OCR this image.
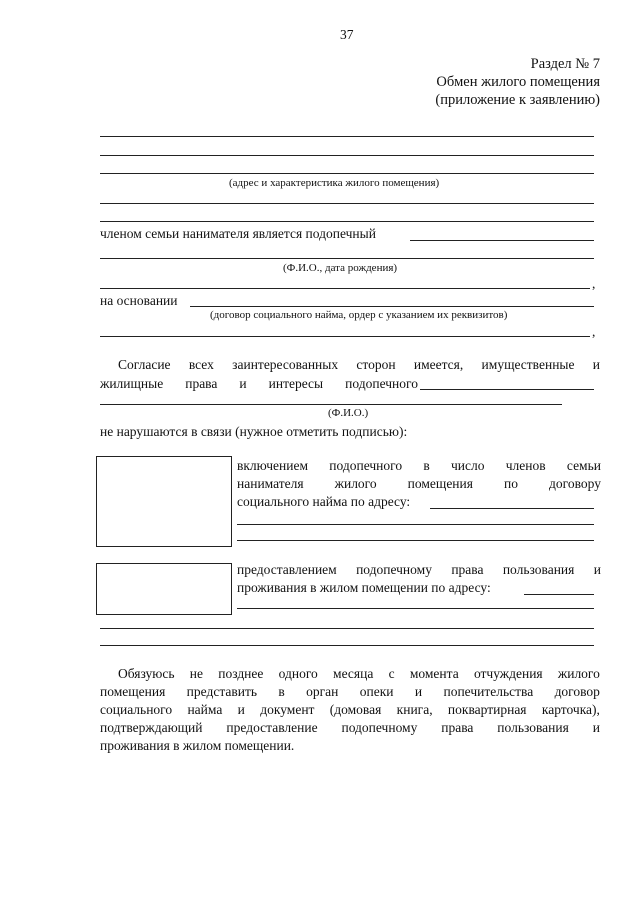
37
Раздел № 7
Обмен жилого помещения
(приложение к заявлению)
(адрес и характеристика жилого помещения)
членом семьи нанимателя является подопечный
(Ф.И.О., дата рождения)
,
на основании
(договор социального найма, ордер с указанием их реквизитов)
,
Согласие всех заинтересованных сторон имеется, имущественные и
жилищные права и интересы подопечного
(Ф.И.О.)
не нарушаются в связи (нужное отметить подписью):
включением подопечного в число членов семьи
нанимателя жилого помещения по договору
социального найма по адресу:
предоставлением подопечному права пользования и
проживания в жилом помещении по адресу:
Обязуюсь не позднее одного месяца с момента отчуждения жилого
помещения представить в орган опеки и попечительства договор
социального найма и документ (домовая книга, поквартирная карточка),
подтверждающий предоставление подопечному права пользования и
проживания в жилом помещении.
